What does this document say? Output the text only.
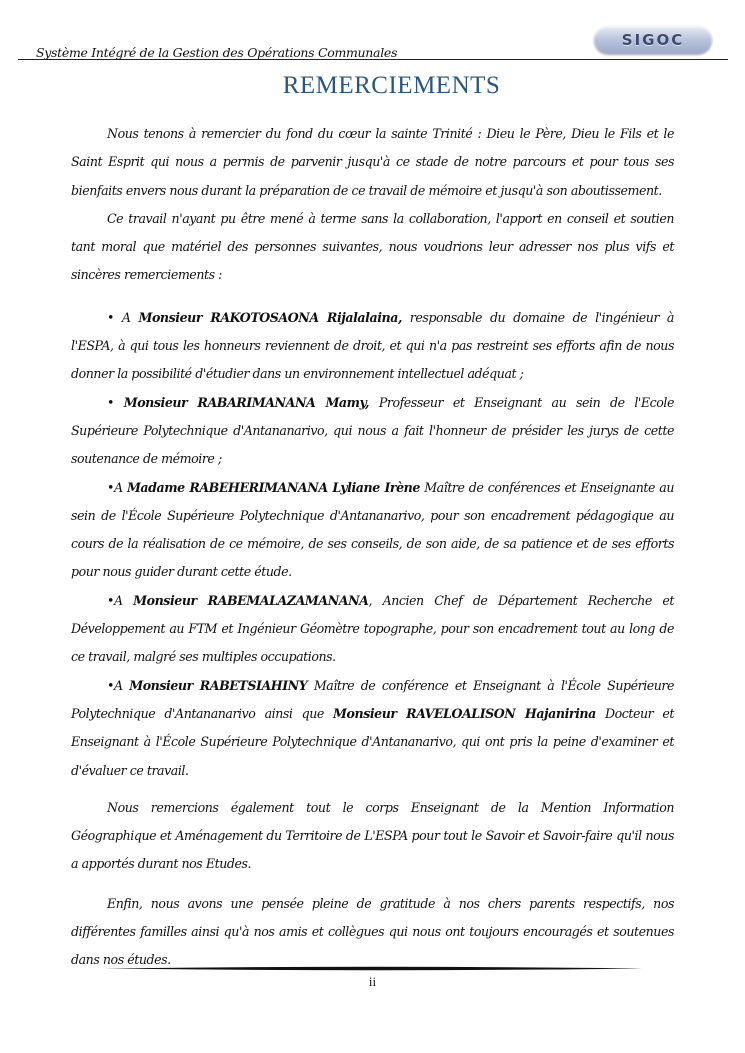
Système Intégré de la Gestion des Opérations Communales
SIGOC
REMERCIEMENTS

Nous tenons à remercier du fond du cœur la sainte Trinité : Dieu le Père, Dieu le Fils et le Saint Esprit qui nous a permis de parvenir jusqu'à ce stade de notre parcours et pour tous ses bienfaits envers nous durant la préparation de ce travail de mémoire et jusqu'à son aboutissement.

Ce travail n'ayant pu être mené à terme sans la collaboration, l'apport en conseil et soutien tant moral que matériel des personnes suivantes, nous voudrions leur adresser nos plus vifs et sincères remerciements :

• A Monsieur RAKOTOSAONA Rijalalaina, responsable du domaine de l'ingénieur à l'ESPA, à qui tous les honneurs reviennent de droit, et qui n'a pas restreint ses efforts afin de nous donner la possibilité d'étudier dans un environnement intellectuel adéquat ;

• Monsieur RABARIMANANA Mamy, Professeur et Enseignant au sein de l'Ecole Supérieure Polytechnique d'Antananarivo, qui nous a fait l'honneur de présider les jurys de cette soutenance de mémoire ;

•A Madame RABEHERIMANANA Lyliane Irène Maître de conférences et Enseignante au sein de l'École Supérieure Polytechnique d'Antananarivo, pour son encadrement pédagogique au cours de la réalisation de ce mémoire, de ses conseils, de son aide, de sa patience et de ses efforts pour nous guider durant cette étude.

•A Monsieur RABEMALAZAMANANA, Ancien Chef de Département Recherche et Développement au FTM et Ingénieur Géomètre topographe, pour son encadrement tout au long de ce travail, malgré ses multiples occupations.

•A Monsieur RABETSIAHINY Maître de conférence et Enseignant à l'École Supérieure Polytechnique d'Antananarivo ainsi que Monsieur RAVELOALISON Hajanirina Docteur et Enseignant à l'École Supérieure Polytechnique d'Antananarivo, qui ont pris la peine d'examiner et d'évaluer ce travail.

Nous remercions également tout le corps Enseignant de la Mention Information Géographique et Aménagement du Territoire de L'ESPA pour tout le Savoir et Savoir-faire qu'il nous a apportés durant nos Etudes.

Enfin, nous avons une pensée pleine de gratitude à nos chers parents respectifs, nos différentes familles ainsi qu'à nos amis et collègues qui nous ont toujours encouragés et soutenues dans nos études.

ii
